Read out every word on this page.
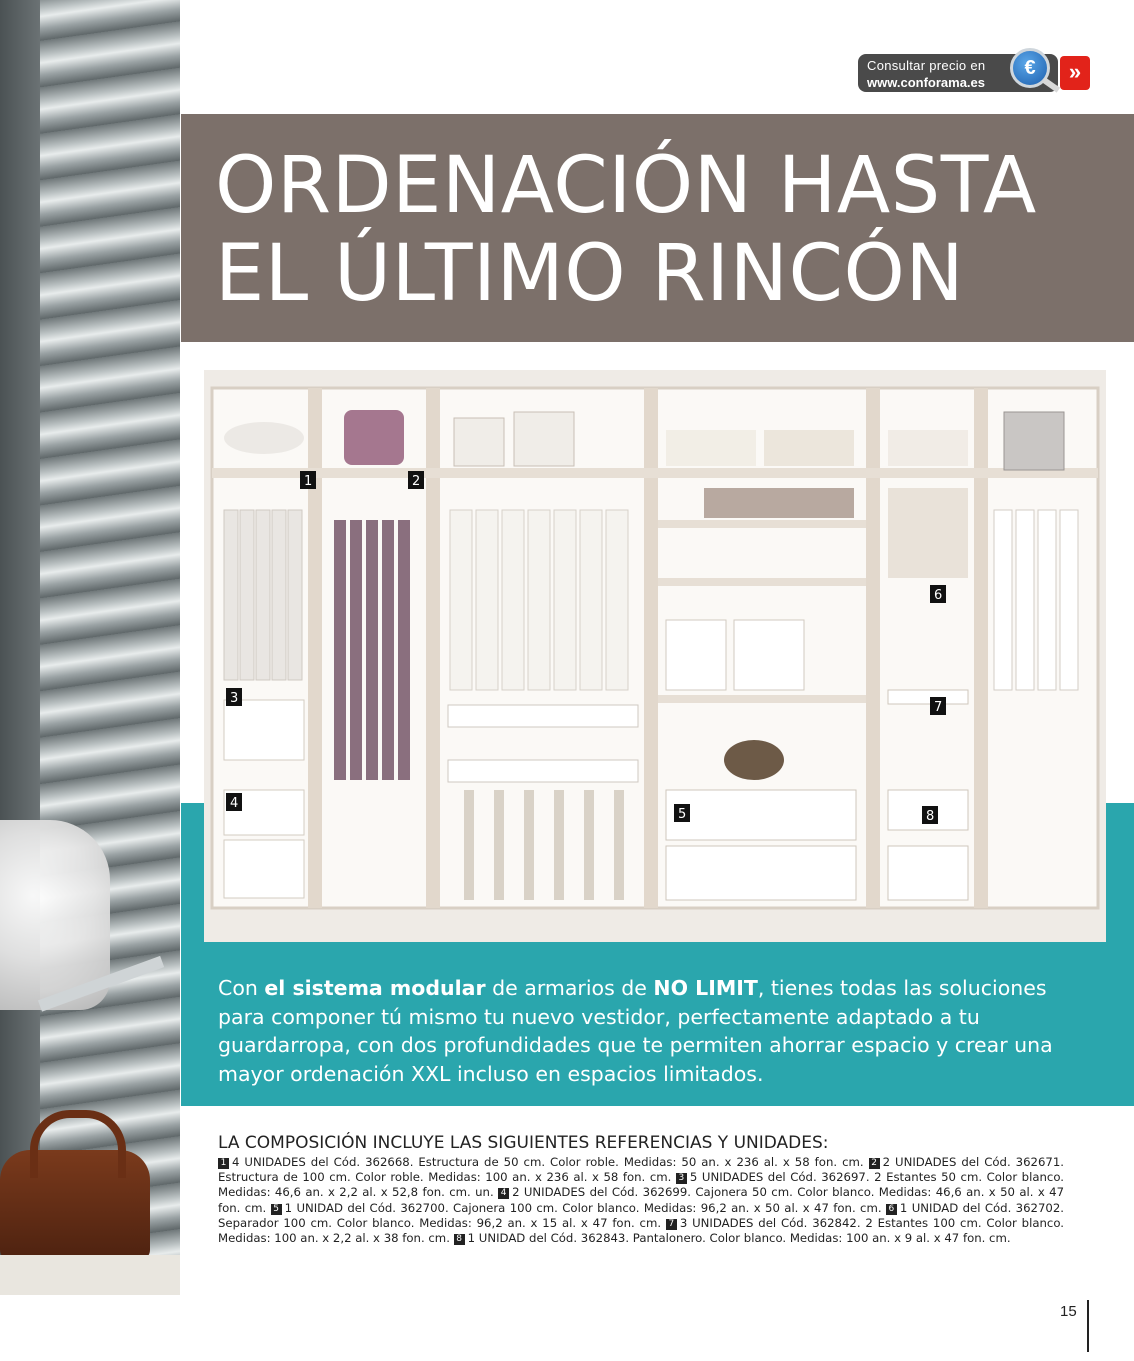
Consultar precio en
www.conforama.es
€	»
ORDENACIÓN HASTA
EL ÚLTIMO RINCÓN
1	2
3
4
5
6
7
8

Con el sistema modular de armarios de NO LIMIT, tienes todas las soluciones para componer tú mismo tu nuevo vestidor, perfectamente adaptado a tu guardarropa, con dos profundidades que te permiten ahorrar espacio y crear una mayor ordenación XXL incluso en espacios limitados.

LA COMPOSICIÓN INCLUYE LAS SIGUIENTES REFERENCIAS Y UNIDADES:

1 4 UNIDADES del Cód. 362668. Estructura de 50 cm. Color roble. Medidas: 50 an. x 236 al. x 58 fon. cm. 2 2 UNIDADES del Cód. 362671. Estructura de 100 cm. Color roble. Medidas: 100 an. x 236 al. x 58 fon. cm. 3 5 UNIDADES del Cód. 362697. 2 Estantes 50 cm. Color blanco. Medidas: 46,6 an. x 2,2 al. x 52,8 fon. cm. un. 4 2 UNIDADES del Cód. 362699. Cajonera 50 cm. Color blanco. Medidas: 46,6 an. x 50 al. x 47 fon. cm. 5 1 UNIDAD del Cód. 362700. Cajonera 100 cm. Color blanco. Medidas: 96,2 an. x 50 al. x 47 fon. cm. 6 1 UNIDAD del Cód. 362702. Separador 100 cm. Color blanco. Medidas: 96,2 an. x 15 al. x 47 fon. cm. 7 3 UNIDADES del Cód. 362842. 2 Estantes 100 cm. Color blanco. Medidas: 100 an. x 2,2 al. x 38 fon. cm. 8 1 UNIDAD del Cód. 362843. Pantalonero. Color blanco. Medidas: 100 an. x 9 al. x 47 fon. cm.

15
